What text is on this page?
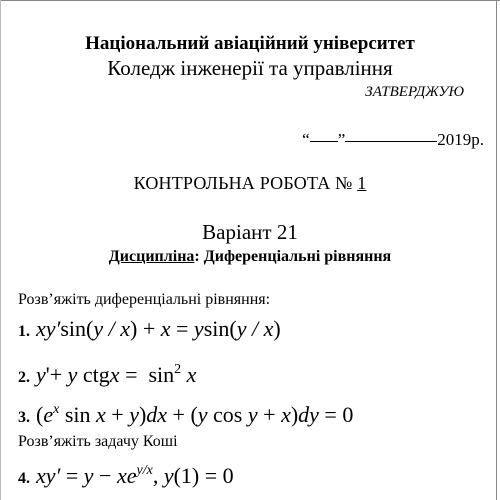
Національний авіаційний університет
Коледж інженерії та управління
ЗАТВЕРДЖУЮ
“ ”	2019р.
КОНТРОЛЬНА РОБОТА № 1
Варіант 21
Дисципліна: Диференціальні рівняння
Розв’яжіть диференціальні рівняння:
1. xy′sin(y / x) + x = ysin(y / x)
2. y'+ y ctgx =  $\sin^2 x$
3. ($e^x$ sin x + y)dx + (y cos y + x)dy = 0
Розв’яжіть задачу Коші
4. $xy' = y - xe^{y/x}$, y(1) = 0
